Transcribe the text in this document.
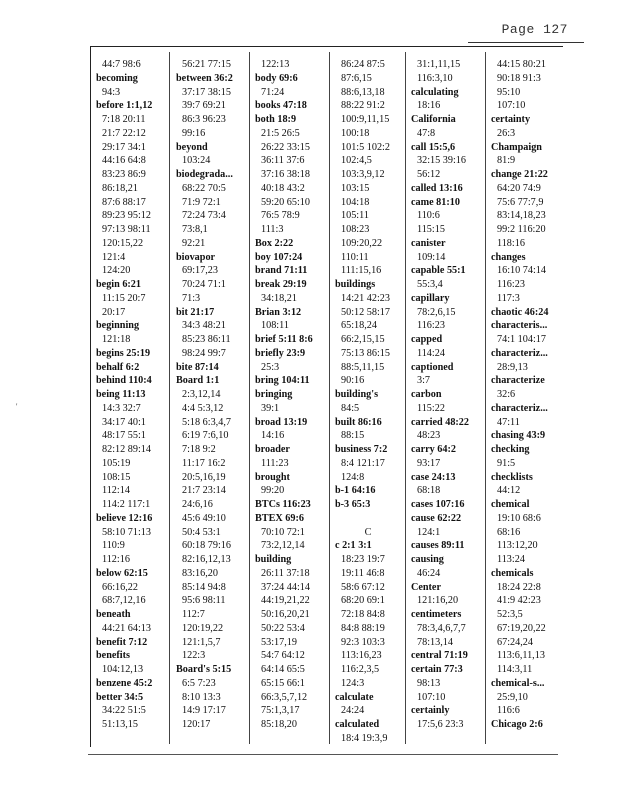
Page 127
44:7 98:6
becoming
94:3
before 1:1,12
7:18 20:11
21:7 22:12
29:17 34:1
44:16 64:8
83:23 86:9
86:18,21
87:6 88:17
89:23 95:12
97:13 98:11
120:15,22
121:4
124:20
begin 6:21
11:15 20:7
20:17
beginning
121:18
begins 25:19
behalf 6:2
behind 110:4
being 11:13
14:3 32:7
34:17 40:1
48:17 55:1
82:12 89:14
105:19
108:15
112:14
114:2 117:1
believe 12:16
58:10 71:13
110:9
112:16
below 62:15
66:16,22
68:7,12,16
beneath
44:21 64:13
benefit 7:12
benefits
104:12,13
benzene 45:2
better 34:5
34:22 51:5
51:13,15
56:21 77:15
between 36:2
37:17 38:15
39:7 69:21
86:3 96:23
99:16
beyond
103:24
biodegrada...
68:22 70:5
71:9 72:1
72:24 73:4
73:8,1
92:21
biovapor
69:17,23
70:24 71:1
71:3
bit 21:17
34:3 48:21
85:23 86:11
98:24 99:7
bite 87:14
Board 1:1
2:3,12,14
4:4 5:3,12
5:18 6:3,4,7
6:19 7:6,10
7:18 9:2
11:17 16:2
20:5,16,19
21:7 23:14
24:6,16
45:6 49:10
50:4 53:1
60:18 79:16
82:16,12,13
83:16,20
85:14 94:8
95:6 98:11
112:7
120:19,22
121:1,5,7
122:3
Board's 5:15
6:5 7:23
8:10 13:3
14:9 17:17
120:17
122:13
body 69:6
71:24
books 47:18
both 18:9
21:5 26:5
26:22 33:15
36:11 37:6
37:16 38:18
40:18 43:2
59:20 65:10
76:5 78:9
111:3
Box 2:22
boy 107:24
brand 71:11
break 29:19
34:18,21
Brian 3:12
108:11
brief 5:11 8:6
briefly 23:9
25:3
bring 104:11
bringing
39:1
broad 13:19
14:16
broader
111:23
brought
99:20
BTCs 116:23
BTEX 69:6
70:10 72:1
73:2,12,14
building
26:11 37:18
37:24 44:14
44:19,21,22
50:16,20,21
50:22 53:4
53:17,19
54:7 64:12
64:14 65:5
65:15 66:1
66:3,5,7,12
75:1,3,17
85:18,20
86:24 87:5
87:6,15
88:6,13,18
88:22 91:2
100:9,11,15
100:18
101:5 102:2
102:4,5
103:3,9,12
103:15
104:18
105:11
108:23
109:20,22
110:11
111:15,16
buildings
14:21 42:23
50:12 58:17
65:18,24
66:2,15,15
75:13 86:15
88:5,11,15
90:16
building's
84:5
built 86:16
88:15
business 7:2
8:4 121:17
124:8
b-1 64:16
b-3 65:3
C
c 2:1 3:1
18:23 19:7
19:11 46:8
58:6 67:12
68:20 69:1
72:18 84:8
84:8 88:19
92:3 103:3
113:16,23
116:2,3,5
124:3
calculate
24:24
calculated
18:4 19:3,9
31:1,11,15
116:3,10
calculating
18:16
California
47:8
call 15:5,6
32:15 39:16
56:12
called 13:16
came 81:10
110:6
115:15
canister
109:14
capable 55:1
55:3,4
capillary
78:2,6,15
116:23
capped
114:24
captioned
3:7
carbon
115:22
carried 48:22
48:23
carry 64:2
93:17
case 24:13
68:18
cases 107:16
cause 62:22
124:1
causes 89:11
causing
46:24
Center
121:16,20
centimeters
78:3,4,6,7,7
78:13,14
central 71:19
certain 77:3
98:13
107:10
certainly
17:5,6 23:3
44:15 80:21
90:18 91:3
95:10
107:10
certainty
26:3
Champaign
81:9
change 21:22
64:20 74:9
75:6 77:7,9
83:14,18,23
99:2 116:20
118:16
changes
16:10 74:14
116:23
117:3
chaotic 46:24
characteris...
74:1 104:17
characteriz...
28:9,13
characterize
32:6
characteriz...
47:11
chasing 43:9
checking
91:5
checklists
44:12
chemical
19:10 68:6
68:16
113:12,20
113:24
chemicals
18:24 22:8
41:9 42:23
52:3,5
67:19,20,22
67:24,24
113:6,11,13
114:3,11
chemical-s...
25:9,10
116:6
Chicago 2:6
'
